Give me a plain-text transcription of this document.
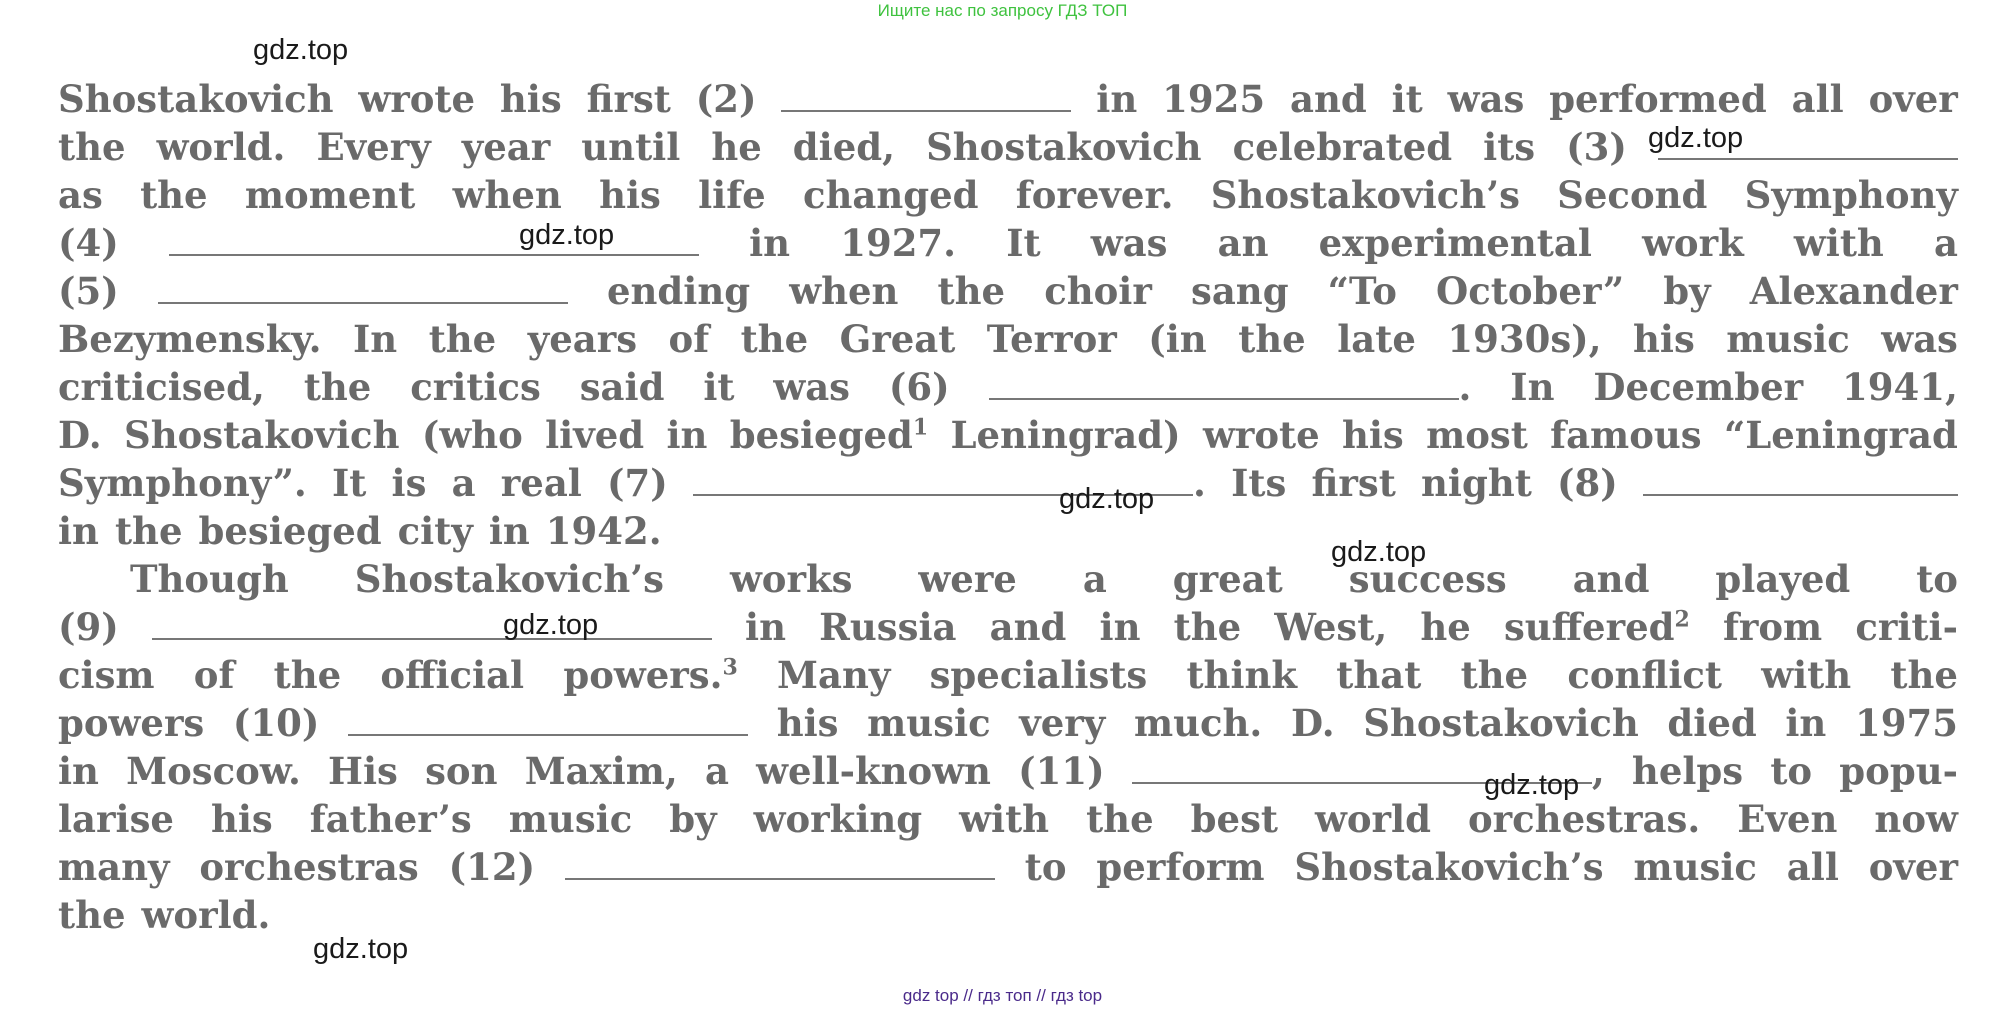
Ищите нас по запросу ГДЗ ТОП
Shostakovich wrote his first (2)	in 1925 and it was performed all over
the world. Every year until he died, Shostakovich celebrated its (3)
as the moment when his life changed forever. Shostakovich’s Second Symphony
(4)	in 1927. It was an experimental work with a
(5)	ending when the choir sang “To October” by Alexander
Bezymensky. In the years of the Great Terror (in the late 1930s), his music was
criticised, the critics said it was (6)	. In December 1941,
D. Shostakovich (who lived in besieged$^1$ Leningrad) wrote his most famous “Leningrad
Symphony”. It is a real (7)	. Its first night (8)
in the besieged city in 1942.
Though Shostakovich’s works were a great success and played to
(9)	in Russia and in the West, he suffered$^2$ from criti-
cism of the official powers.$^3$ Many specialists think that the conflict with the
powers (10)	his music very much. D. Shostakovich died in 1975
in Moscow. His son Maxim, a well-known (11)	, helps to popu-
larise his father’s music by working with the best world orchestras. Even now
many orchestras (12)	to perform Shostakovich’s music all over
the world.
gdz.top
gdz.top
gdz.top
gdz.top
gdz.top
gdz.top
gdz.top
gdz.top
gdz top // гдз топ // гдз top
